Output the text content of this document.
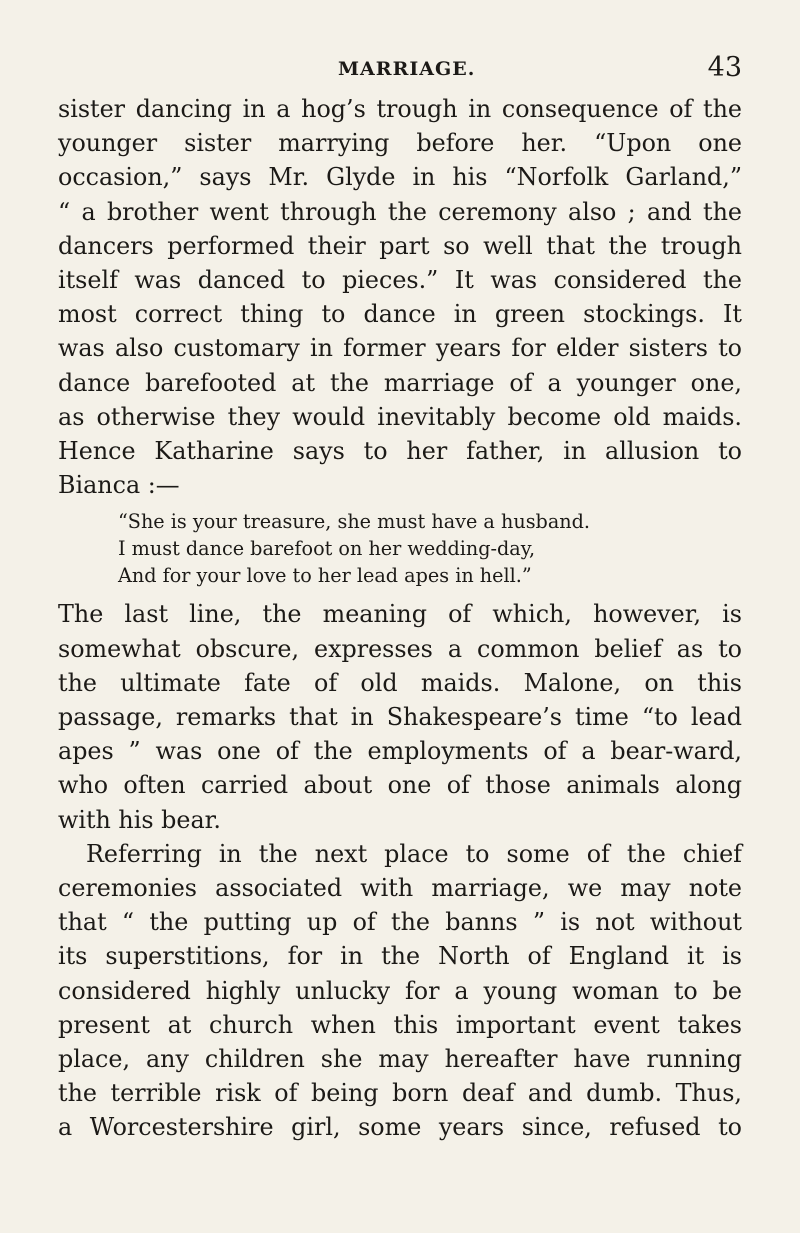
MARRIAGE.	43
sister dancing in a hog’s trough in consequence of the
younger sister marrying before her. “Upon one
occasion,” says Mr. Glyde in his “Norfolk Garland,”
“ a brother went through the ceremony also ; and the
dancers performed their part so well that the trough
itself was danced to pieces.” It was considered the
most correct thing to dance in green stockings. It
was also customary in former years for elder sisters to
dance barefooted at the marriage of a younger one,
as otherwise they would inevitably become old maids.
Hence Katharine says to her father, in allusion to
Bianca :—
“She is your treasure, she must have a husband.
I must dance barefoot on her wedding-day,
And for your love to her lead apes in hell.”
The last line, the meaning of which, however, is
somewhat obscure, expresses a common belief as to
the ultimate fate of old maids. Malone, on this
passage, remarks that in Shakespeare’s time “to lead
apes ” was one of the employments of a bear-ward,
who often carried about one of those animals along
with his bear.
Referring in the next place to some of the chief
ceremonies associated with marriage, we may note
that “ the putting up of the banns ” is not without
its superstitions, for in the North of England it is
considered highly unlucky for a young woman to be
present at church when this important event takes
place, any children she may hereafter have running
the terrible risk of being born deaf and dumb. Thus,
a Worcestershire girl, some years since, refused to
